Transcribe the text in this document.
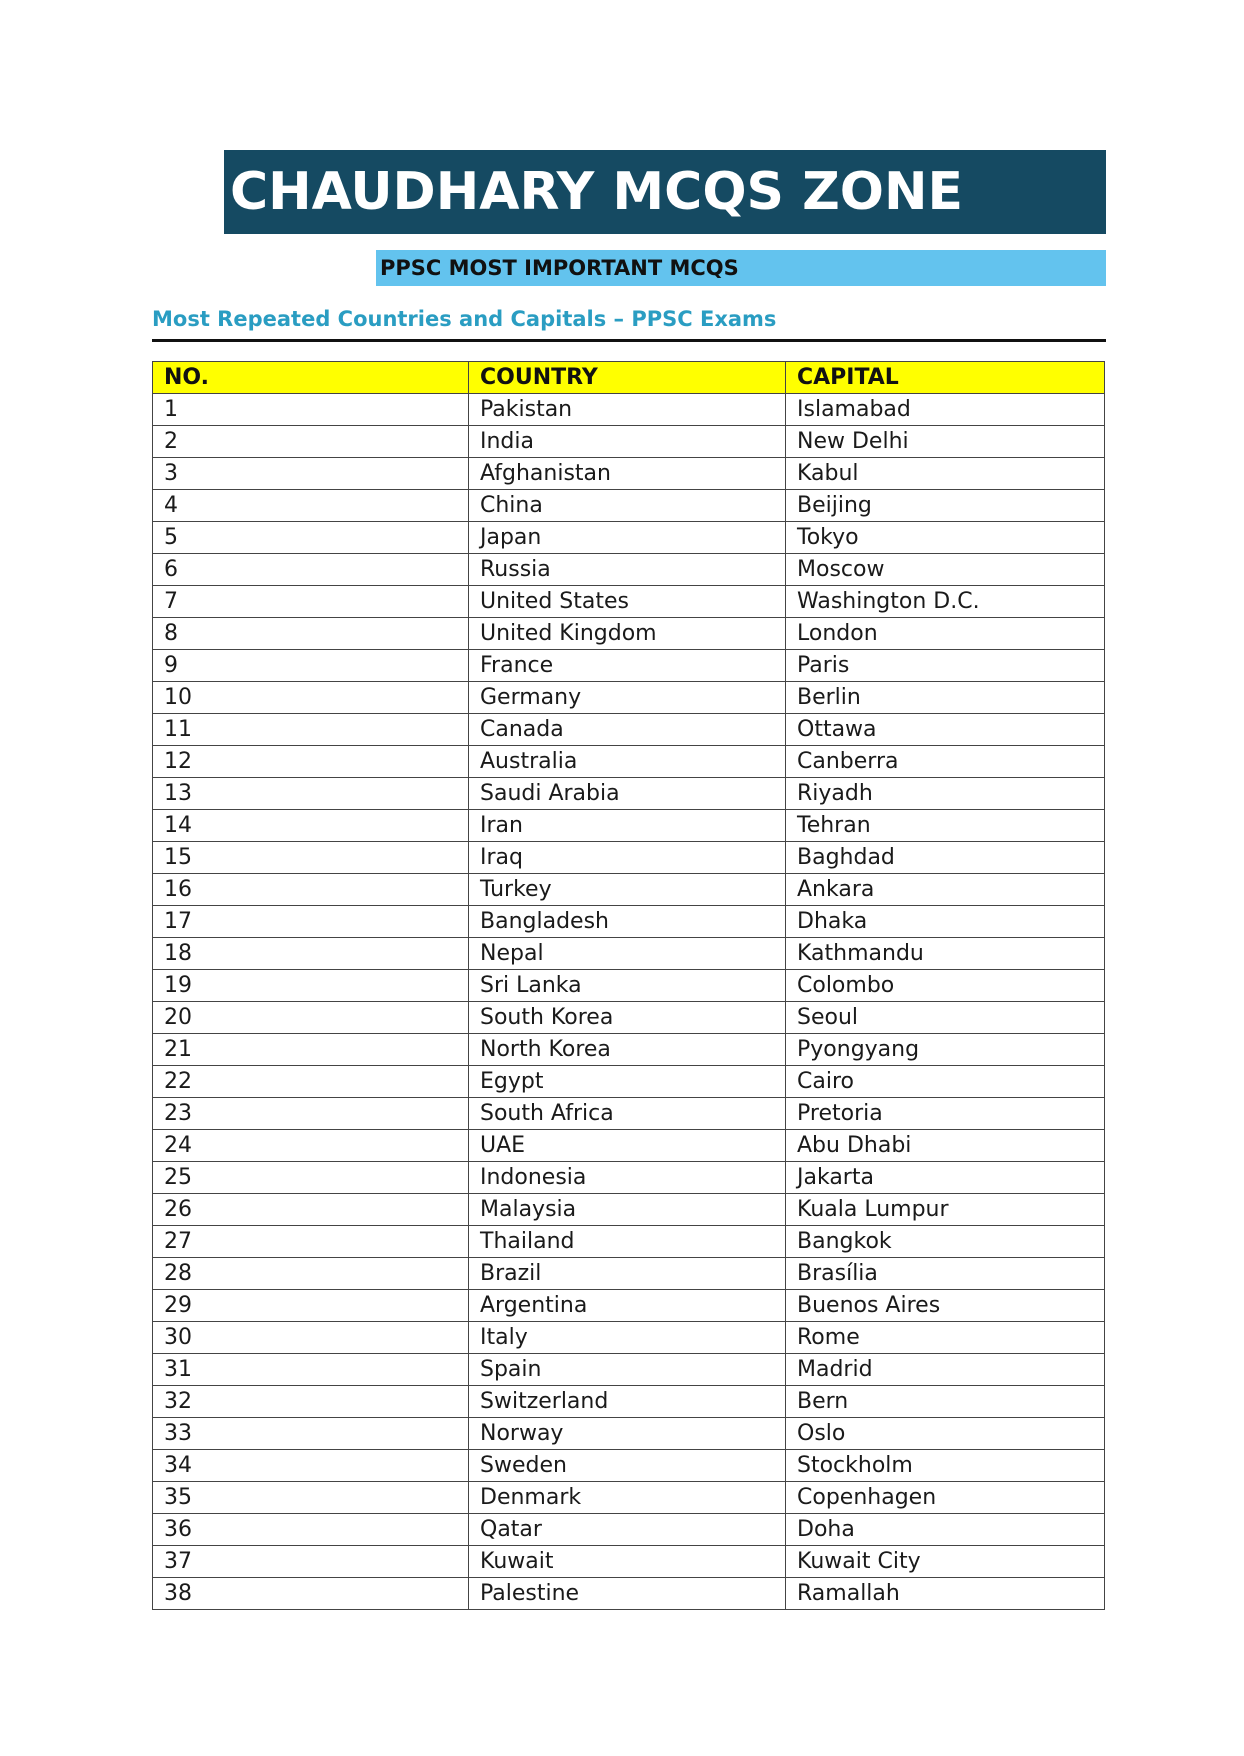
CHAUDHARY MCQS ZONE
PPSC MOST IMPORTANT MCQS
Most Repeated Countries and Capitals – PPSC Exams
NO.	COUNTRY	CAPITAL
1	Pakistan	Islamabad
2	India	New Delhi
3	Afghanistan	Kabul
4	China	Beijing
5	Japan	Tokyo
6	Russia	Moscow
7	United States	Washington D.C.
8	United Kingdom	London
9	France	Paris
10	Germany	Berlin
11	Canada	Ottawa
12	Australia	Canberra
13	Saudi Arabia	Riyadh
14	Iran	Tehran
15	Iraq	Baghdad
16	Turkey	Ankara
17	Bangladesh	Dhaka
18	Nepal	Kathmandu
19	Sri Lanka	Colombo
20	South Korea	Seoul
21	North Korea	Pyongyang
22	Egypt	Cairo
23	South Africa	Pretoria
24	UAE	Abu Dhabi
25	Indonesia	Jakarta
26	Malaysia	Kuala Lumpur
27	Thailand	Bangkok
28	Brazil	Brasília
29	Argentina	Buenos Aires
30	Italy	Rome
31	Spain	Madrid
32	Switzerland	Bern
33	Norway	Oslo
34	Sweden	Stockholm
35	Denmark	Copenhagen
36	Qatar	Doha
37	Kuwait	Kuwait City
38	Palestine	Ramallah
